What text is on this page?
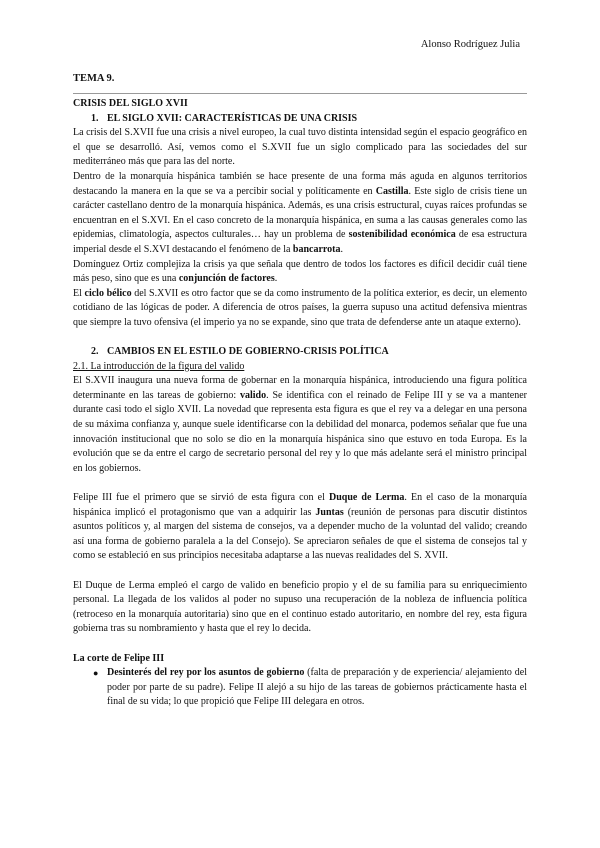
Alonso Rodríguez Julia
TEMA 9.

CRISIS DEL SIGLO XVII

1. EL SIGLO XVII: CARACTERÍSTICAS DE UNA CRISIS

La crisis del S.XVII fue una crisis a nivel europeo, la cual tuvo distinta intensidad según el espacio geográfico en el que se desarrolló. Así, vemos como el S.XVII fue un siglo complicado para las sociedades del sur mediterráneo más que para las del norte.

Dentro de la monarquía hispánica también se hace presente de una forma más aguda en algunos territorios destacando la manera en la que se va a percibir social y políticamente en Castilla. Este siglo de crisis tiene un carácter castellano dentro de la monarquía hispánica. Además, es una crisis estructural, cuyas raíces profundas se encuentran en el S.XVI. En el caso concreto de la monarquía hispánica, en suma a las causas generales como las epidemias, climatología, aspectos culturales… hay un problema de sostenibilidad económica de esa estructura imperial desde el S.XVI destacando el fenómeno de la bancarrota.

Domínguez Ortiz complejiza la crisis ya que señala que dentro de todos los factores es difícil decidir cuál tiene más peso, sino que es una conjunción de factores.

El ciclo bélico del S.XVII es otro factor que se da como instrumento de la política exterior, es decir, un elemento cotidiano de las lógicas de poder. A diferencia de otros países, la guerra supuso una actitud defensiva mientras que siempre la tuvo ofensiva (el imperio ya no se expande, sino que trata de defenderse ante un ataque externo).

2. CAMBIOS EN EL ESTILO DE GOBIERNO-CRISIS POLÍTICA

2.1. La introducción de la figura del valido

El S.XVII inaugura una nueva forma de gobernar en la monarquía hispánica, introduciendo una figura política determinante en las tareas de gobierno: valido. Se identifica con el reinado de Felipe III y se va a mantener durante casi todo el siglo XVII. La novedad que representa esta figura es que el rey va a delegar en una persona de su máxima confianza y, aunque suele identificarse con la debilidad del monarca, podemos señalar que fue una innovación institucional que no solo se dio en la monarquía hispánica sino que estuvo en toda Europa. Es la evolución que se da entre el cargo de secretario personal del rey y lo que más adelante será el ministro principal en los gobiernos.

Felipe III fue el primero que se sirvió de esta figura con el Duque de Lerma. En el caso de la monarquía hispánica implicó el protagonismo que van a adquirir las Juntas (reunión de personas para discutir distintos asuntos políticos y, al margen del sistema de consejos, va a depender mucho de la voluntad del valido; creando así una forma de gobierno paralela a la del Consejo). Se apreciaron señales de que el sistema de consejos tal y como se estableció en sus principios necesitaba adaptarse a las nuevas realidades del S. XVII.

El Duque de Lerma empleó el cargo de valido en beneficio propio y el de su familia para su enriquecimiento personal. La llegada de los validos al poder no supuso una recuperación de la nobleza de influencia política (retroceso en la monarquía autoritaria) sino que en el continuo estado autoritario, en nombre del rey, esta figura gobierna tras su nombramiento y hasta que el rey lo decida.

La corte de Felipe III

● Desinterés del rey por los asuntos de gobierno (falta de preparación y de experiencia/ alejamiento del poder por parte de su padre). Felipe II alejó a su hijo de las tareas de gobiernos prácticamente hasta el final de su vida; lo que propició que Felipe III delegara en otros.
